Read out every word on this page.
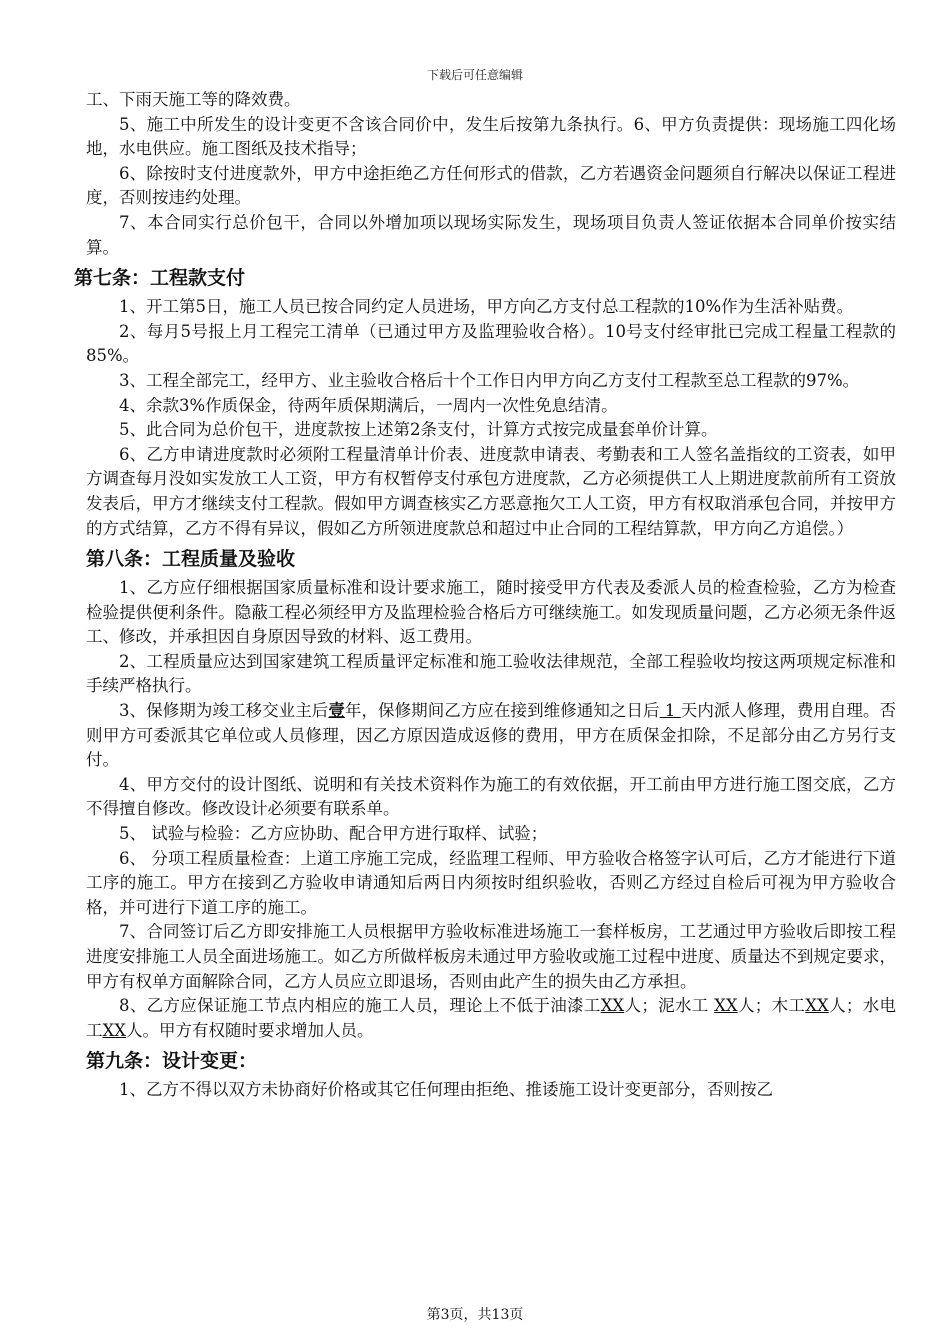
下载后可任意编辑

工、下雨天施工等的降效费。

5、施工中所发生的设计变更不含该合同价中，发生后按第九条执行。6、甲方负责提供：现场施工四化场地，水电供应。施工图纸及技术指导；

6、除按时支付进度款外，甲方中途拒绝乙方任何形式的借款，乙方若遇资金问题须自行解决以保证工程进度，否则按违约处理。

7、本合同实行总价包干，合同以外增加项以现场实际发生，现场项目负责人签证依据本合同单价按实结算。

第七条：工程款支付

1、开工第5日，施工人员已按合同约定人员进场，甲方向乙方支付总工程款的10%作为生活补贴费。

2、每月5号报上月工程完工清单（已通过甲方及监理验收合格）。10号支付经审批已完成工程量工程款的85%。

3、工程全部完工，经甲方、业主验收合格后十个工作日内甲方向乙方支付工程款至总工程款的97%。

4、余款3%作质保金，待两年质保期满后，一周内一次性免息结清。

5、此合同为总价包干，进度款按上述第2条支付，计算方式按完成量套单价计算。

6、乙方申请进度款时必须附工程量清单计价表、进度款申请表、考勤表和工人签名盖指纹的工资表，如甲方调查每月没如实发放工人工资，甲方有权暂停支付承包方进度款，乙方必须提供工人上期进度款前所有工资放发表后，甲方才继续支付工程款。假如甲方调查核实乙方恶意拖欠工人工资，甲方有权取消承包合同，并按甲方的方式结算，乙方不得有异议，假如乙方所领进度款总和超过中止合同的工程结算款，甲方向乙方追偿。）

第八条：工程质量及验收

1、乙方应仔细根据国家质量标准和设计要求施工，随时接受甲方代表及委派人员的检查检验，乙方为检查检验提供便利条件。隐蔽工程必须经甲方及监理检验合格后方可继续施工。如发现质量问题，乙方必须无条件返工、修改，并承担因自身原因导致的材料、返工费用。

2、工程质量应达到国家建筑工程质量评定标准和施工验收法律规范，全部工程验收均按这两项规定标准和手续严格执行。

3、保修期为竣工移交业主后壹年，保修期间乙方应在接到维修通知之日后 1 天内派人修理，费用自理。否则甲方可委派其它单位或人员修理，因乙方原因造成返修的费用，甲方在质保金扣除，不足部分由乙方另行支付。

4、甲方交付的设计图纸、说明和有关技术资料作为施工的有效依据，开工前由甲方进行施工图交底，乙方不得擅自修改。修改设计必须要有联系单。

5、 试验与检验：乙方应协助、配合甲方进行取样、试验；

6、 分项工程质量检查：上道工序施工完成，经监理工程师、甲方验收合格签字认可后，乙方才能进行下道工序的施工。甲方在接到乙方验收申请通知后两日内须按时组织验收，否则乙方经过自检后可视为甲方验收合格，并可进行下道工序的施工。

7、合同签订后乙方即安排施工人员根据甲方验收标准进场施工一套样板房，工艺通过甲方验收后即按工程进度安排施工人员全面进场施工。如乙方所做样板房未通过甲方验收或施工过程中进度、质量达不到规定要求，甲方有权单方面解除合同，乙方人员应立即退场，否则由此产生的损失由乙方承担。

8、乙方应保证施工节点内相应的施工人员，理论上不低于油漆工XX人；泥水工 XX人；木工XX人；水电工XX人。甲方有权随时要求增加人员。

第九条：设计变更：

1、乙方不得以双方未协商好价格或其它任何理由拒绝、推诿施工设计变更部分，否则按乙

第3页，共13页
